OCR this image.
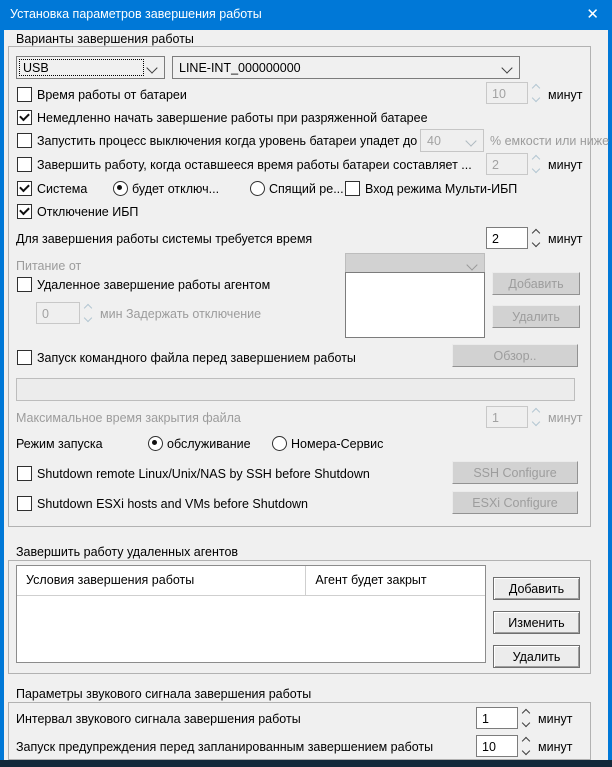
Установка параметров завершения работы	✕
Варианты завершения работы
USB	LINE-INT_000000000
Время работы от батареи	10	минут
Немедленно начать завершение работы при разряженной батарее
Запустить процесс выключения когда уровень батареи упадет до 40	% емкости или ниже
Завершить работу, когда оставшееся время работы батареи составляет ...	2	минут
Система	будет отключ...	Спящий ре... Вход режима Мульти-ИБП
Отключение ИБП
Для завершения работы системы требуется время	2	минут
Питание от
Удаленное завершение работы агентом	Добавить
Удалить
0	мин Задержать отключение
Запуск командного файла перед завершением работы	Обзор..
Максимальное время закрытия файла	1	минут
Режим запуска	обслуживание	Номера-Сервис
Shutdown remote Linux/Unix/NAS by SSH before Shutdown	SSH Configure
Shutdown ESXi hosts and VMs before Shutdown	ESXi Configure
Завершить работу удаленных агентов
Условия завершения работы	Агент будет закрыт
Добавить
Изменить
Удалить
Параметры звукового сигнала завершения работы
Интервал звукового сигнала завершения работы	1	минут
Запуск предупреждения перед запланированным завершением работы	10	минут
